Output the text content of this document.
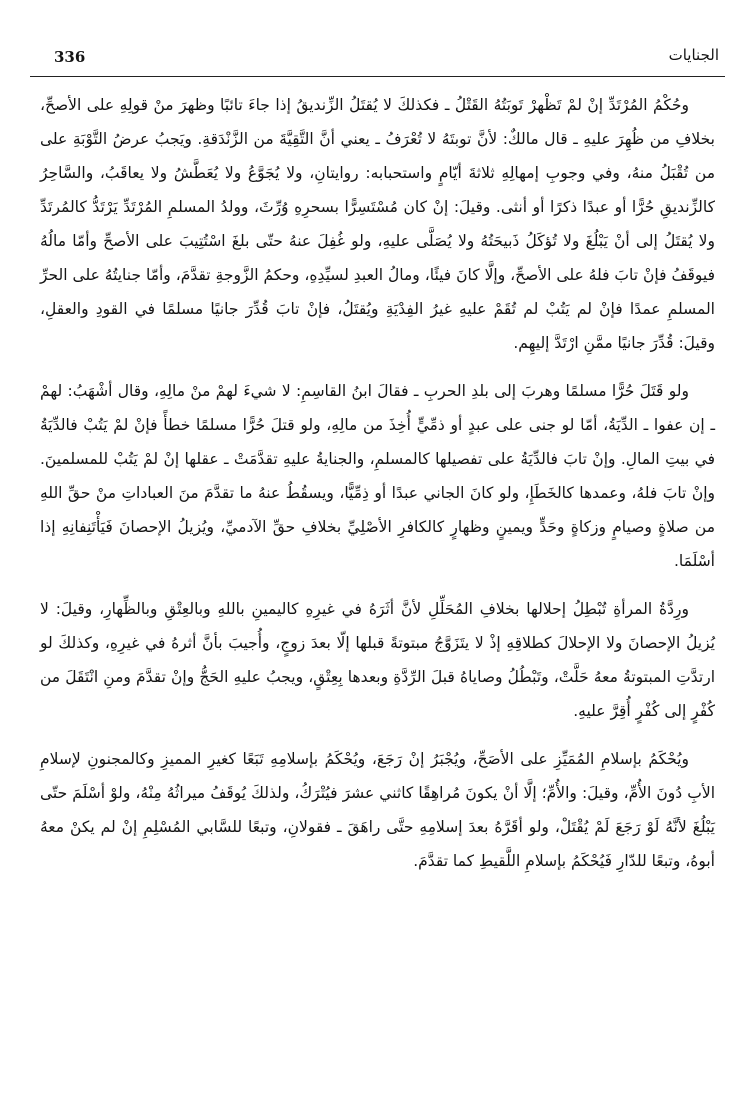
336	الجنايات

وحُكْمُ المُرْتَدِّ إنْ لمْ تَظْهرْ تَوبَتُهُ القَتْلُ ـ فكذلكَ لا يُقتَلُ الزِّنديقُ إذا جاءَ تائبًا وظهرَ منْ قولِهِ على الأصحِّ، بخلافِ من ظُهِرَ عليهِ ـ قال مالكٌ: لأنَّ توبتَهُ لا تُعْرَفُ ـ يعني أنَّ التَّقِيَّةَ من الزَّنْدَقةِ. ويَجبُ عرضُ التَّوْبَةِ على من تُقْبَلُ منهُ، وفي وجوبِ إمهالِهِ ثلاثةَ أيّامٍ واستحبابه: روايتانِ، ولا يُجَوَّعُ ولا يُعَطَّشُ ولا يعاقَبُ، والسَّاحِرُ كالزِّنديقِ حُرًّا أو عبدًا ذكرًا أو أنثى. وقيلَ: إنْ كان مُسْتَسِرًّا بسحرِهِ وُرِّثَ، وولدُ المسلمِ المُرْتَدِّ يَرْتَدُّ كالمُرتَدِّ ولا يُقتَلُ إلى أنْ يَبْلُغَ ولا تُؤكَلُ ذَبيحَتُهُ ولا يُصَلَّى عليهِ، ولو غُفِلَ عنهُ حتّى بلغَ اسْتُتِيبَ على الأصحِّ وأمّا مالُهُ فيوقَفُ فإنْ تابَ فلهُ على الأصحِّ، وإلَّا كانَ فيئًا، ومالُ العبدِ لسيِّدِهِ، وحكمُ الزَّوجةِ تقدَّمَ، وأمّا جنايتُهُ على الحرِّ المسلمِ عمدًا فإنْ لم يَتُبْ لم تُقَمْ عليهِ غيرُ الفِدْيَةِ ويُقتَلُ، فإنْ تابَ قُدِّرَ جانيًا مسلمًا في القودِ والعقلِ، وقيلَ: قُدِّرَ جانيًا ممَّنِ ارْتَدَّ إليهِم.

ولو قَتَلَ حُرًّا مسلمًا وهربَ إلى بلدِ الحربِ ـ فقالَ ابنُ القاسِمِ: لا شيءَ لهمْ منْ مالِهِ، وقال أشْهَبُ: لهمْ ـ إن عفوا ـ الدِّيَةُ، أمّا لو جنى على عبدٍ أو ذمِّيٍّ أُخِذَ من مالِهِ، ولو قتلَ حُرًّا مسلمًا خطأً فإنْ لمْ يَتُبْ فالدِّيَةُ في بيتِ المالِ. وإنْ تابَ فالدِّيَةُ على تفصيلها كالمسلمِ، والجنايةُ عليهِ تقدَّمَتْ ـ عقلها إنْ لمْ يَتُبْ للمسلمينَ. وإنْ تابَ فلهُ، وعمدها كالخَطَإِ، ولو كانَ الجاني عبدًا أو ذِمِّيًّا، ويسقُطُ عنهُ ما تقدَّمَ منَ العباداتِ منْ حقِّ اللهِ من صلاةٍ وصيامٍ وزكاةٍ وحَدٍّ ويمينٍ وظهارٍ كالكافرِ الأصْلِيِّ بخلافِ حقِّ الآدميِّ، ويُزيلُ الإحصانَ فَيَأْتَنِفانِهِ إذا أسْلَمَا.

ورِدَّةُ المرأةِ تُبْطِلُ إحلالها بخلافِ المُحَلِّلِ لأنَّ أثَرَهُ في غيرِهِ كاليمينِ باللهِ وبالعِتْقِ وبالظِّهارِ، وقيلَ: لا يُزيلُ الإحصانَ ولا الإحلالَ كطلاقِهِ إذْ لا يتَزَوَّجُ مبتوتةً قبلها إلّا بعدَ زوجٍ، وأُجيبَ بأنَّ أثرهُ في غيرِهِ، وكذلكَ لو ارتدَّتِ المبتوتةُ معهُ حَلَّتْ، وتَبْطُلُ وصاياهُ قبلَ الرِّدَّةِ وبعدها بِعِتْقٍ، ويجبُ عليهِ الحَجُّ وإنْ تقدَّمَ ومنِ انْتَقَلَ من كُفْرٍ إلى كُفْرٍ أُقِرَّ عليهِ.

ويُحْكَمُ بإسلامِ المُمَيِّزِ على الأصَحِّ، ويُجْبَرُ إنْ رَجَعَ، ويُحْكَمُ بإسلامِهِ تَبَعًا كغيرِ المميزِ وكالمجنونِ لإسلامِ الأبِ دُونَ الأُمِّ، وقيلَ: والأُمِّ؛ إلَّا أنْ يكونَ مُراهِقًا كاثني عشرَ فيُتْرَكُ، ولذلكَ يُوقَفُ ميراثُهُ مِنْهُ، ولوْ أسْلَمَ حتّى يَبْلُغَ لأنَّهُ لَوْ رَجَعَ لَمْ يُقْتَلْ، ولو أقَرَّهُ بعدَ إسلامِهِ حتَّى راهَقَ ـ فقولانِ، وتبعًا للسَّابي المُسْلِمِ إنْ لم يكنْ معهُ أبوهُ، وتبعًا للدّارِ فَيُحْكَمُ بإسلامِ اللَّقيطِ كما تقدَّمَ.
